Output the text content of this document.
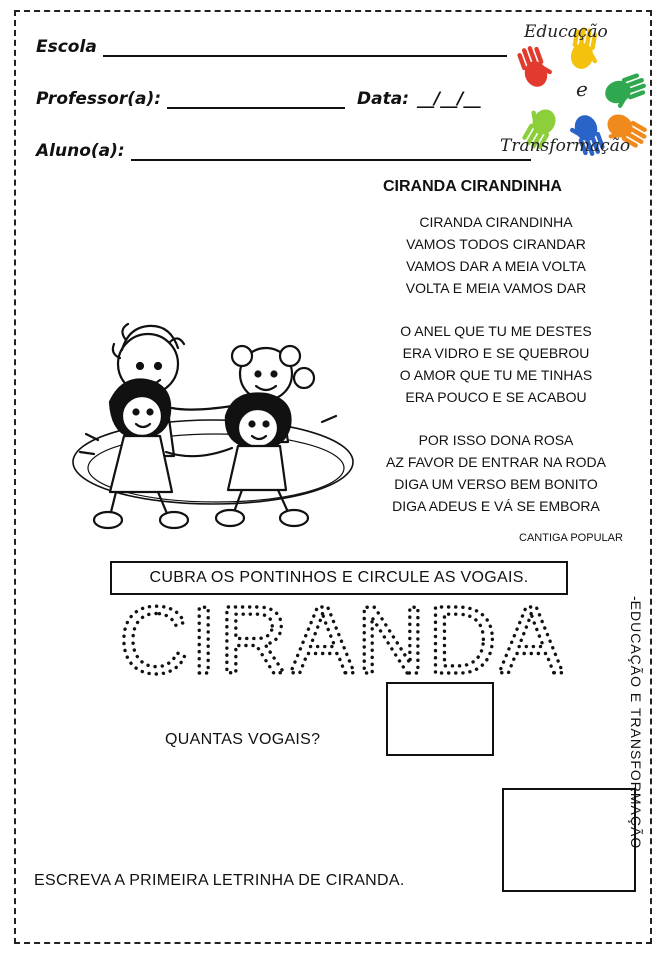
Escola
Professor(a):	Data: __/__/__
Aluno(a):
Educação
e
Transformação
CIRANDA CIRANDINHA
CIRANDA CIRANDINHA
VAMOS TODOS CIRANDAR
VAMOS DAR A MEIA VOLTA
VOLTA E MEIA VAMOS DAR
O ANEL QUE TU ME DESTES
ERA VIDRO E SE QUEBROU
O AMOR QUE TU ME TINHAS
ERA POUCO E SE ACABOU
POR ISSO DONA ROSA
AZ FAVOR DE ENTRAR NA RODA
DIGA UM VERSO BEM BONITO
DIGA ADEUS E VÁ SE EMBORA
CANTIGA POPULAR
CUBRA OS PONTINHOS E CIRCULE AS VOGAIS.
CIRANDA
QUANTAS VOGAIS?
ESCREVA A PRIMEIRA LETRINHA DE CIRANDA.
-EDUCAÇÃO E TRANSFORMAÇÃO
